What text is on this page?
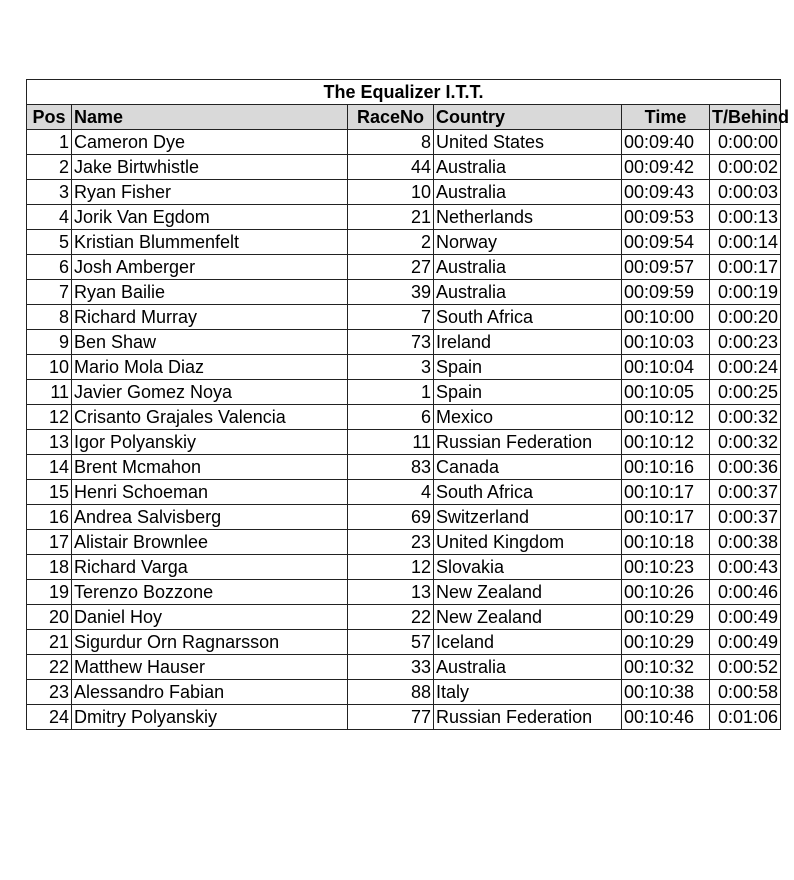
The Equalizer I.T.T.					
Pos	Name	RaceNo	Country	Time	T/Behind
1	Cameron Dye	8	United States	00:09:40	0:00:00
2	Jake Birtwhistle	44	Australia	00:09:42	0:00:02
3	Ryan Fisher	10	Australia	00:09:43	0:00:03
4	Jorik Van Egdom	21	Netherlands	00:09:53	0:00:13
5	Kristian Blummenfelt	2	Norway	00:09:54	0:00:14
6	Josh Amberger	27	Australia	00:09:57	0:00:17
7	Ryan Bailie	39	Australia	00:09:59	0:00:19
8	Richard Murray	7	South Africa	00:10:00	0:00:20
9	Ben Shaw	73	Ireland	00:10:03	0:00:23
10	Mario Mola Diaz	3	Spain	00:10:04	0:00:24
11	Javier Gomez Noya	1	Spain	00:10:05	0:00:25
12	Crisanto Grajales Valencia	6	Mexico	00:10:12	0:00:32
13	Igor Polyanskiy	11	Russian Federation	00:10:12	0:00:32
14	Brent Mcmahon	83	Canada	00:10:16	0:00:36
15	Henri Schoeman	4	South Africa	00:10:17	0:00:37
16	Andrea Salvisberg	69	Switzerland	00:10:17	0:00:37
17	Alistair Brownlee	23	United Kingdom	00:10:18	0:00:38
18	Richard Varga	12	Slovakia	00:10:23	0:00:43
19	Terenzo Bozzone	13	New Zealand	00:10:26	0:00:46
20	Daniel Hoy	22	New Zealand	00:10:29	0:00:49
21	Sigurdur Orn Ragnarsson	57	Iceland	00:10:29	0:00:49
22	Matthew Hauser	33	Australia	00:10:32	0:00:52
23	Alessandro Fabian	88	Italy	00:10:38	0:00:58
24	Dmitry Polyanskiy	77	Russian Federation	00:10:46	0:01:06
